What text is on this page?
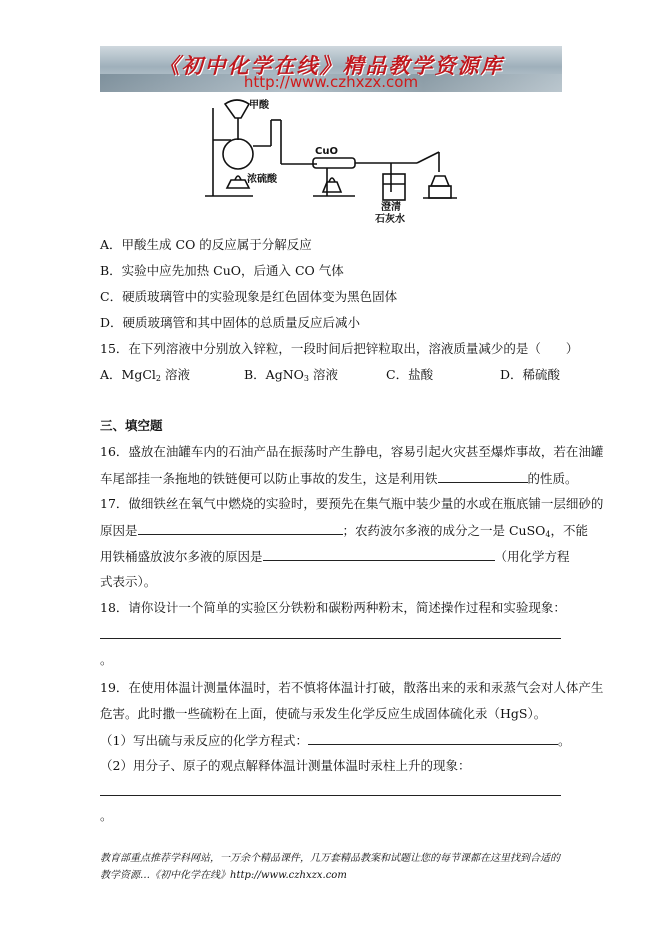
《初中化学在线》精品教学资源库
http://www.czhxzx.com
甲酸
浓硫酸
CuO
澄清
石灰水
A．甲酸生成 CO 的反应属于分解反应
B．实验中应先加热 CuO，后通入 CO 气体
C．硬质玻璃管中的实验现象是红色固体变为黑色固体
D．硬质玻璃管和其中固体的总质量反应后减小
15．在下列溶液中分别放入锌粒，一段时间后把锌粒取出，溶液质量减少的是（　　）
A．MgCl$_2$ 溶液	B．AgNO$_3$ 溶液	C．盐酸	D．稀硫酸
三、填空题
16．盛放在油罐车内的石油产品在振荡时产生静电，容易引起火灾甚至爆炸事故，若在油罐
车尾部挂一条拖地的铁链便可以防止事故的发生，这是利用铁	的性质。
17．做细铁丝在氧气中燃烧的实验时，要预先在集气瓶中装少量的水或在瓶底铺一层细砂的
原因是	；农药波尔多液的成分之一是 CuSO$_4$，不能
用铁桶盛放波尔多液的原因是	（用化学方程
式表示）。
18．请你设计一个简单的实验区分铁粉和碳粉两种粉末，简述操作过程和实验现象：
。
19．在使用体温计测量体温时，若不慎将体温计打破，散落出来的汞和汞蒸气会对人体产生
危害。此时撒一些硫粉在上面，使硫与汞发生化学反应生成固体硫化汞（HgS）。
（1）写出硫与汞反应的化学方程式：	。
（2）用分子、原子的观点解释体温计测量体温时汞柱上升的现象：
。
教育部重点推荐学科网站，一万余个精品课件，几万套精品教案和试题让您的每节课都在这里找到合适的
教学资源…《初中化学在线》http://www.czhxzx.com
